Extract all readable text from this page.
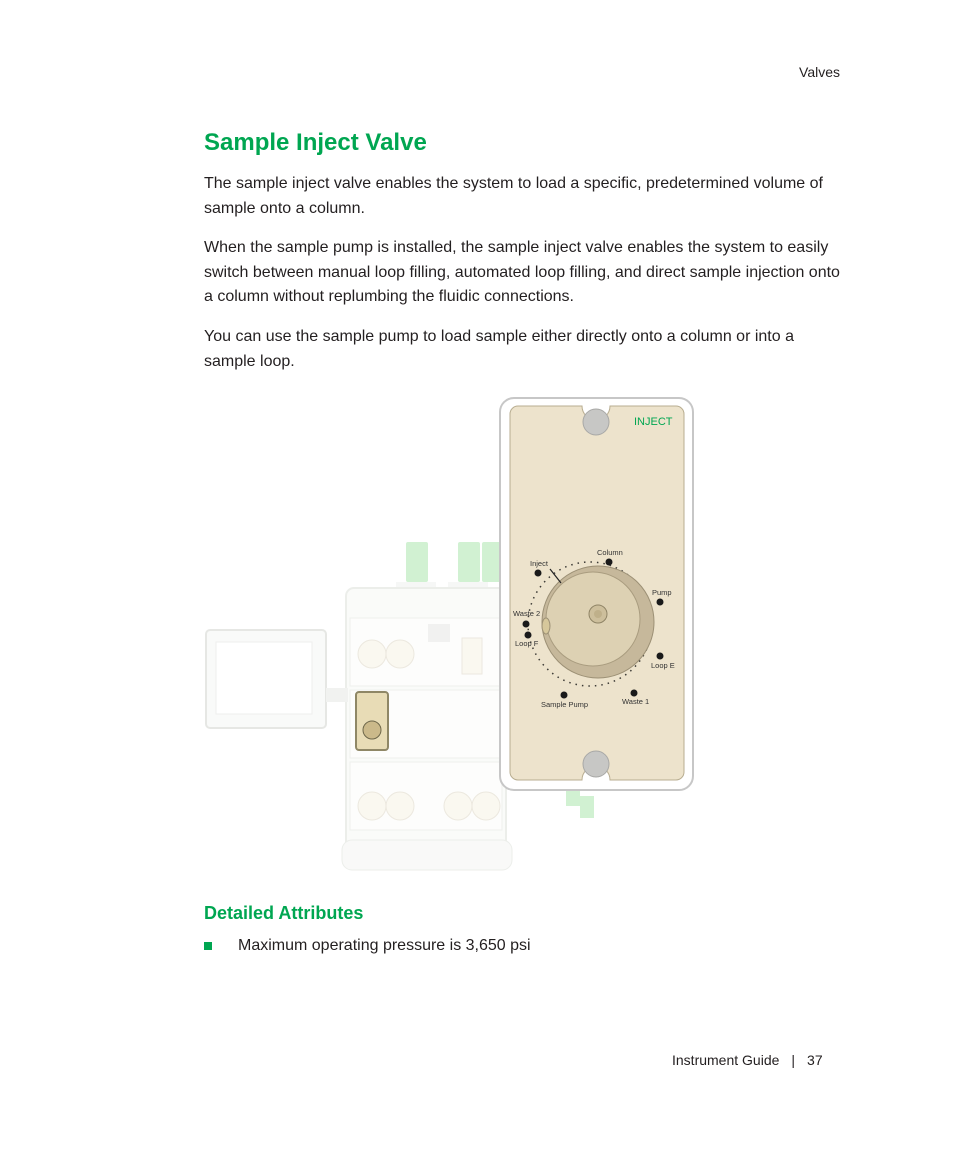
Valves
Sample Inject Valve

The sample inject valve enables the system to load a specific, predetermined volume of sample onto a column.

When the sample pump is installed, the sample inject valve enables the system to easily switch between manual loop filling, automated loop filling, and direct sample injection onto a column without replumbing the fluidic connections.

You can use the sample pump to load sample either directly onto a column or into a sample loop.

INJECT
Column
Inject
Pump
Waste 2
Loop F
Loop E
Sample Pump	Waste 1
Detailed Attributes
Maximum operating pressure is 3,650 psi
Instrument Guide | 37
